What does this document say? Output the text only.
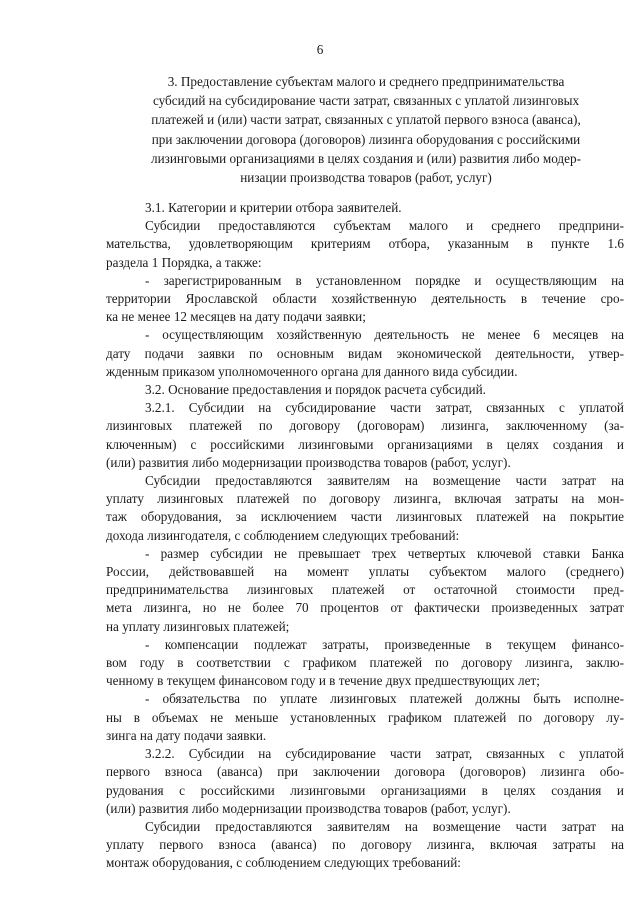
6
3. Предоставление субъектам малого и среднего предпринимательства
субсидий на субсидирование части затрат, связанных с уплатой лизинговых
платежей и (или) части затрат, связанных с уплатой первого взноса (аванса),
при заключении договора (договоров) лизинга оборудования с российскими
лизинговыми организациями в целях создания и (или) развития либо модер-
низации производства товаров (работ, услуг)
3.1. Категории и критерии отбора заявителей.
Субсидии предоставляются субъектам малого и среднего предприни-
мательства, удовлетворяющим критериям отбора, указанным в пункте 1.6
раздела 1 Порядка, а также:
- зарегистрированным в установленном порядке и осуществляющим на
территории Ярославской области хозяйственную деятельность в течение сро-
ка не менее 12 месяцев на дату подачи заявки;
- осуществляющим хозяйственную деятельность не менее 6 месяцев на
дату подачи заявки по основным видам экономической деятельности, утвер-
жденным приказом уполномоченного органа для данного вида субсидии.
3.2. Основание предоставления и порядок расчета субсидий.
3.2.1. Субсидии на субсидирование части затрат, связанных с уплатой
лизинговых платежей по договору (договорам) лизинга, заключенному (за-
ключенным) с российскими лизинговыми организациями в целях создания и
(или) развития либо модернизации производства товаров (работ, услуг).
Субсидии предоставляются заявителям на возмещение части затрат на
уплату лизинговых платежей по договору лизинга, включая затраты на мон-
таж оборудования, за исключением части лизинговых платежей на покрытие
дохода лизингодателя, с соблюдением следующих требований:
- размер субсидии не превышает трех четвертых ключевой ставки Банка
России, действовавшей на момент уплаты субъектом малого (среднего)
предпринимательства лизинговых платежей от остаточной стоимости пред-
мета лизинга, но не более 70 процентов от фактически произведенных затрат
на уплату лизинговых платежей;
- компенсации подлежат затраты, произведенные в текущем финансо-
вом году в соответствии с графиком платежей по договору лизинга, заклю-
ченному в текущем финансовом году и в течение двух предшествующих лет;
- обязательства по уплате лизинговых платежей должны быть исполне-
ны в объемах не меньше установленных графиком платежей по договору лу-
зинга на дату подачи заявки.
3.2.2. Субсидии на субсидирование части затрат, связанных с уплатой
первого взноса (аванса) при заключении договора (договоров) лизинга обо-
рудования с российскими лизинговыми организациями в целях создания и
(или) развития либо модернизации производства товаров (работ, услуг).
Субсидии предоставляются заявителям на возмещение части затрат на
уплату первого взноса (аванса) по договору лизинга, включая затраты на
монтаж оборудования, с соблюдением следующих требований:
